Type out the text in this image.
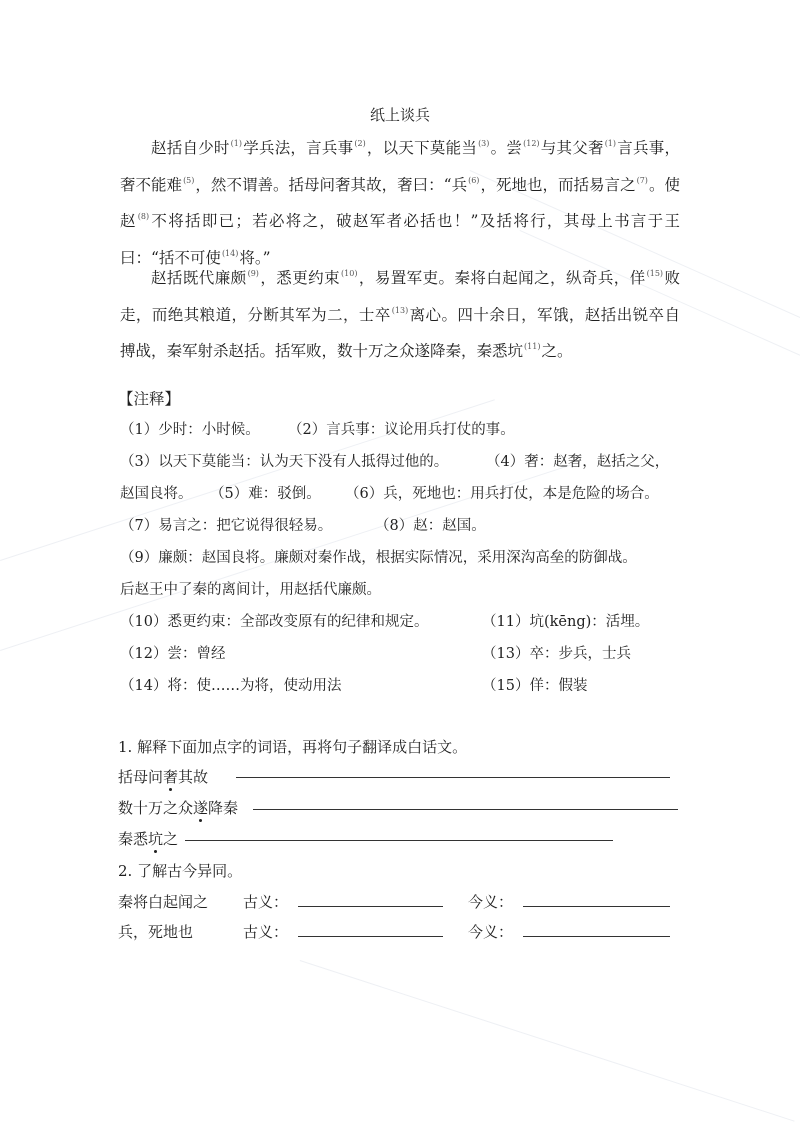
纸上谈兵

赵括自少时$^{(1)}$学兵法，言兵事$^{(2)}$，以天下莫能当$^{(3)}$。尝$^{(12)}$与其父奢$^{(1)}$言兵事，奢不能难$^{(5)}$，然不谓善。括母问奢其故，奢曰：“兵$^{(6)}$，死地也，而括易言之$^{(7)}$。使赵$^{(8)}$不将括即已；若必将之，破赵军者必括也！”及括将行，其母上书言于王曰：“括不可使$^{(14)}$将。”

赵括既代廉颇$^{(9)}$，悉更约束$^{(10)}$，易置军吏。秦将白起闻之，纵奇兵，佯$^{(15)}$败走，而绝其粮道，分断其军为二，士卒$^{(13)}$离心。四十余日，军饿，赵括出锐卒自搏战，秦军射杀赵括。括军败，数十万之众遂降秦，秦悉坑$^{(11)}$之。

【注释】
（1）少时：小时候。 （2）言兵事：议论用兵打仗的事。
（3）以天下莫能当：认为天下没有人抵得过他的。	（4）奢：赵奢，赵括之父，
赵国良将。 （5）难：驳倒。 （6）兵，死地也：用兵打仗，本是危险的场合。
（7）易言之：把它说得很轻易。	（8）赵：赵国。
（9）廉颇：赵国良将。廉颇对秦作战，根据实际情况，采用深沟高垒的防御战。
后赵王中了秦的离间计，用赵括代廉颇。
（10）悉更约束：全部改变原有的纪律和规定。	（11）坑(kēng)：活埋。
（12）尝：曾经	（13）卒：步兵，士兵
（14）将：使……为将，使动用法	（15）佯：假装
1. 解释下面加点字的词语，再将句子翻译成白话文。
括母问奢其故
数十万之众遂降秦
秦悉坑之
2. 了解古今异同。
秦将白起闻之 古义：	今义：
兵，死地也	古义：	今义：
